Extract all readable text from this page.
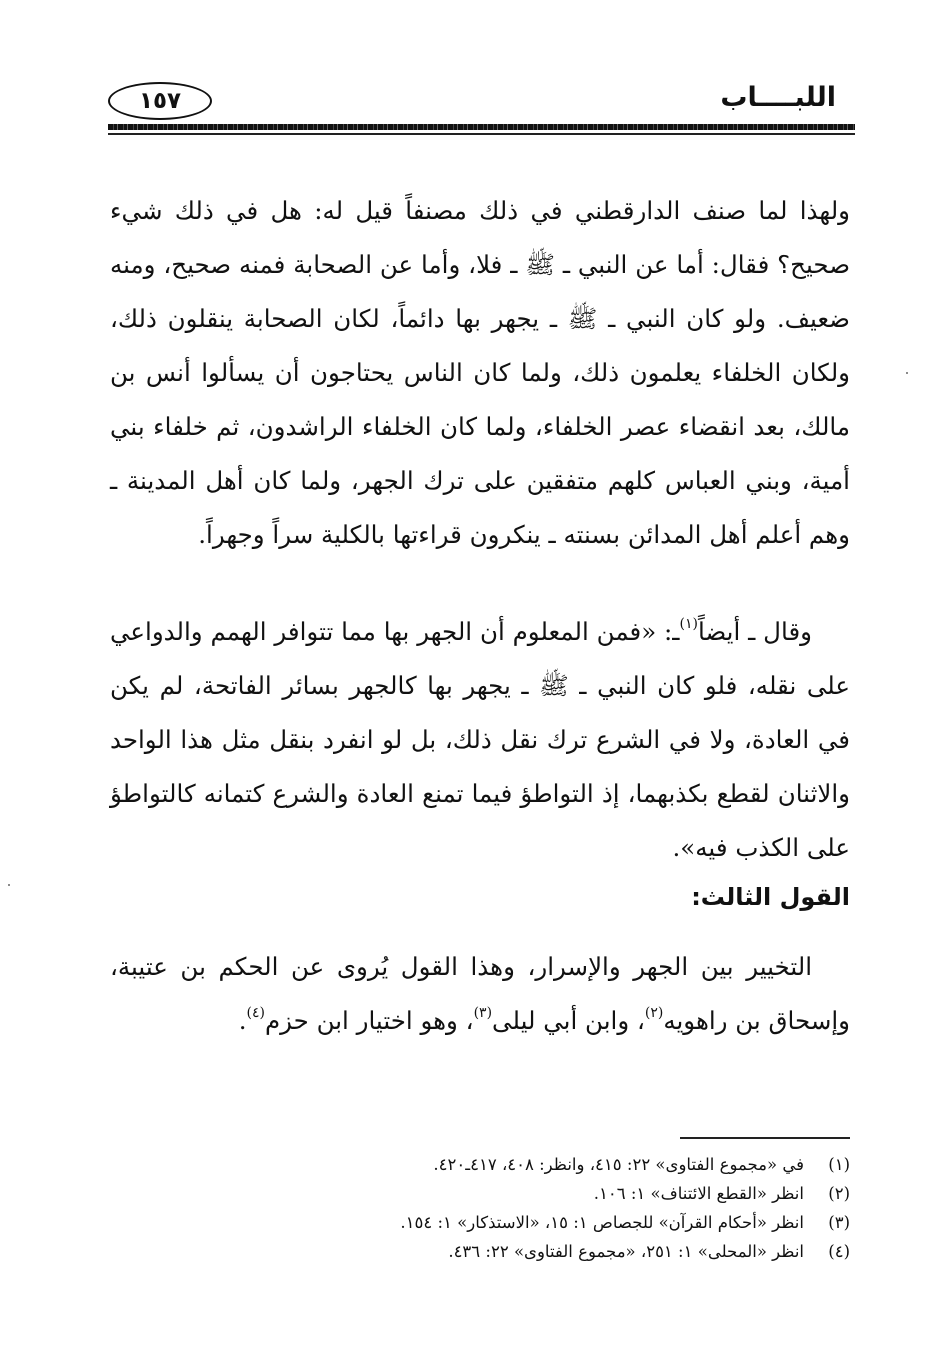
اللبــــاب
١٥٧

ولهذا لما صنف الدارقطني في ذلك مصنفاً قيل له: هل في ذلك شيء صحيح؟ فقال: أما عن النبي ـ ﷺ ـ فلا، وأما عن الصحابة فمنه صحيح، ومنه ضعيف. ولو كان النبي ـ ﷺ ـ يجهر بها دائماً، لكان الصحابة ينقلون ذلك، ولكان الخلفاء يعلمون ذلك، ولما كان الناس يحتاجون أن يسألوا أنس بن مالك، بعد انقضاء عصر الخلفاء، ولما كان الخلفاء الراشدون، ثم خلفاء بني أمية، وبني العباس كلهم متفقين على ترك الجهر، ولما كان أهل المدينة ـ وهم أعلم أهل المدائن بسنته ـ ينكرون قراءتها بالكلية سراً وجهراً.

وقال ـ أيضاً$^{(١)}$ـ: «فمن المعلوم أن الجهر بها مما تتوافر الهمم والدواعي على نقله، فلو كان النبي ـ ﷺ ـ يجهر بها كالجهر بسائر الفاتحة، لم يكن في العادة، ولا في الشرع ترك نقل ذلك، بل لو انفرد بنقل مثل هذا الواحد والاثنان لقطع بكذبهما، إذ التواطؤ فيما تمنع العادة والشرع كتمانه كالتواطؤ على الكذب فيه».

القول الثالث:

التخيير بين الجهر والإسرار، وهذا القول يُروى عن الحكم بن عتيبة، وإسحاق بن راهويه$^{(٢)}$، وابن أبي ليلى$^{(٣)}$، وهو اختيار ابن حزم$^{(٤)}$.

(١)
في «مجموع الفتاوى» ٢٢: ٤١٥، وانظر: ٤٠٨، ٤١٧ـ٤٢٠.
(٢)
انظر «القطع الائتناف» ١: ١٠٦.
(٣)
انظر «أحكام القرآن» للجصاص ١: ١٥، «الاستذكار» ١: ١٥٤.
(٤)
انظر «المحلى» ١: ٢٥١، «مجموع الفتاوى» ٢٢: ٤٣٦.
